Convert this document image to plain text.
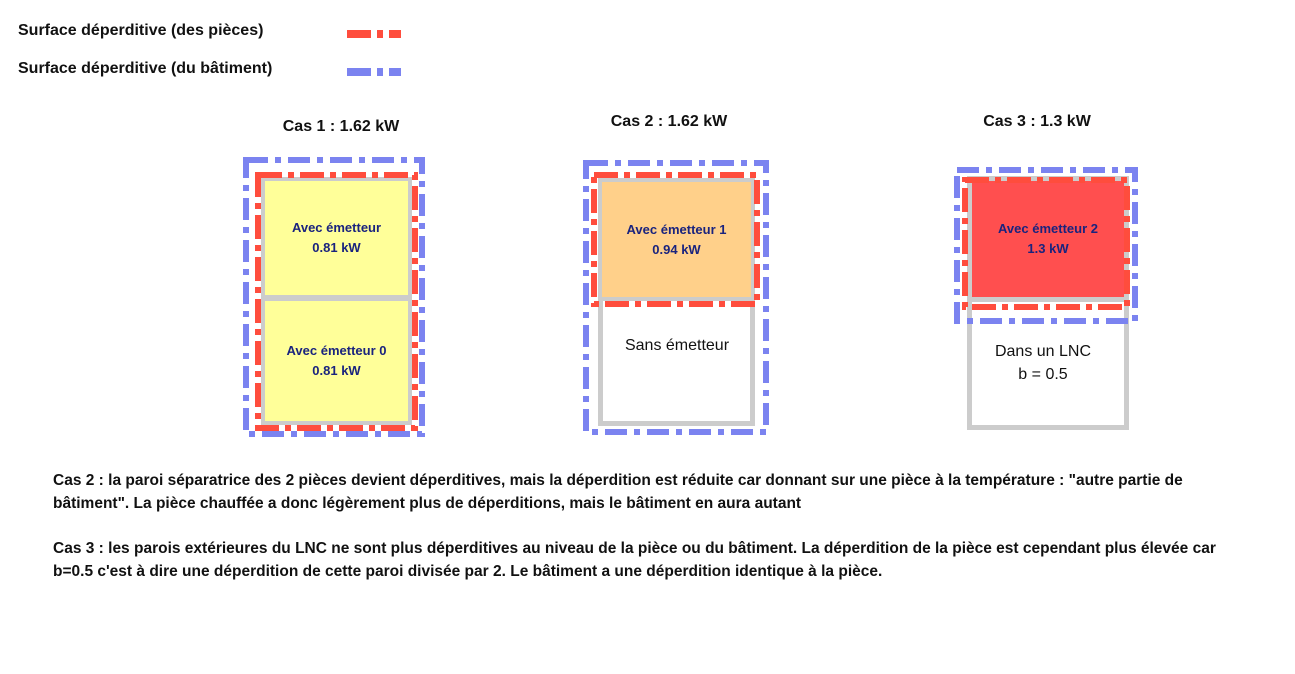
Surface déperditive (des pièces)
Surface déperditive (du bâtiment)
Cas 1 : 1.62 kW	Cas 2 : 1.62 kW	Cas 3 : 1.3 kW
Avec émetteur
0.81 kW
Avec émetteur 0
0.81 kW
Avec émetteur 1
0.94 kW
Sans émetteur
Avec émetteur 2
1.3 kW
Dans un LNC
b = 0.5
Cas 2 : la paroi séparatrice des 2 pièces devient déperditives, mais la déperdition est réduite car donnant sur une pièce à la température : "autre partie de bâtiment". La pièce chauffée a donc légèrement plus de déperditions, mais le bâtiment en aura autant
Cas 3 : les parois extérieures du LNC ne sont plus déperditives au niveau de la pièce ou du bâtiment. La déperdition de la pièce est cependant plus élevée car b=0.5 c'est à dire une déperdition de cette paroi divisée par 2. Le bâtiment a une déperdition identique à la pièce.
